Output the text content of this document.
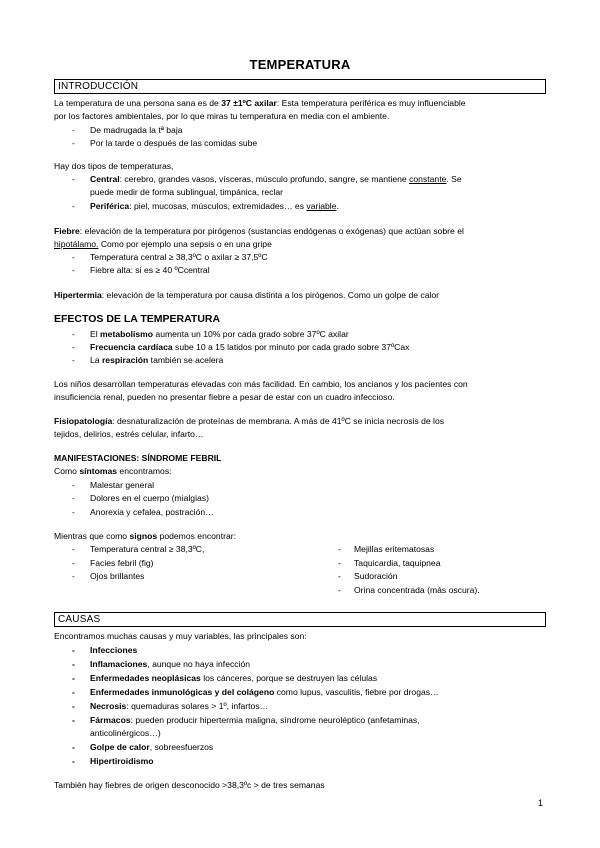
TEMPERATURA
INTRODUCCIÓN
La temperatura de una persona sana es de 37 ±1ºC axilar: Esta temperatura periférica es muy influenciable
por los factores ambientales, por lo que miras tu temperatura en media con el ambiente.
- De madrugada la tª baja
- Por la tarde o después de las comidas sube
Hay dos tipos de temperaturas,
- Central: cerebro, grandes vasos, vísceras, músculo profundo, sangre, se mantiene constante. Se
puede medir de forma sublingual, timpánica, reclar
- Periférica: piel, mucosas, músculos, extremidades… es variable.
Fiebre: elevación de la temperatura por pirógenos (sustancias endógenas o exógenas) que actúan sobre el
hipotálamo. Como por ejemplo una sepsis o en una gripe
- Temperatura central ≥ 38,3ºC o axilar ≥ 37,5ºC
- Fiebre alta: si es ≥ 40 ºCcentral
Hipertermia: elevación de la temperatura por causa distinta a los pirógenos. Como un golpe de calor
EFECTOS DE LA TEMPERATURA
- El metabolismo aumenta un 10% por cada grado sobre 37ºC axilar
- Frecuencia cardíaca sube 10 a 15 latidos por minuto por cada grado sobre 37ºCax
- La respiración también se acelera
Los niños desarrollan temperaturas elevadas con más facilidad. En cambio, los ancianos y los pacientes con
insuficiencia renal, pueden no presentar fiebre a pesar de estar con un cuadro infeccioso.
Fisiopatología: desnaturalización de proteínas de membrana. A más de 41ºC se inicia necrosis de los
tejidos, delirios, estrés celular, infarto…
MANIFESTACIONES: SÍNDROME FEBRIL
Como síntomas encontramos:
- Malestar general
- Dolores en el cuerpo (mialgias)
- Anorexia y cefalea, postración…
Mientras que como signos podemos encontrar:
- Temperatura central ≥ 38,3ºC,
- Facies febril (fig)
- Ojos brillantes
- Mejillas eritematosas
- Taquicardia, taquipnea
- Sudoración
- Orina concentrada (más oscura).
CAUSAS
Encontramos muchas causas y muy variables, las principales son:
- Infecciones
- Inflamaciones, aunque no haya infección
- Enfermedades neoplásicas los cánceres, porque se destruyen las células
- Enfermedades inmunológicas y del colágeno como lupus, vasculitis, fiebre por drogas…
- Necrosis: quemaduras solares > 1º, infartos…
- Fármacos: pueden producir hipertermia maligna, síndrome neuroléptico (anfetaminas,
anticolinérgicos…)
- Golpe de calor, sobreesfuerzos
- Hipertiroidismo
También hay fiebres de origen desconocido >38,3ºc > de tres semanas
1
